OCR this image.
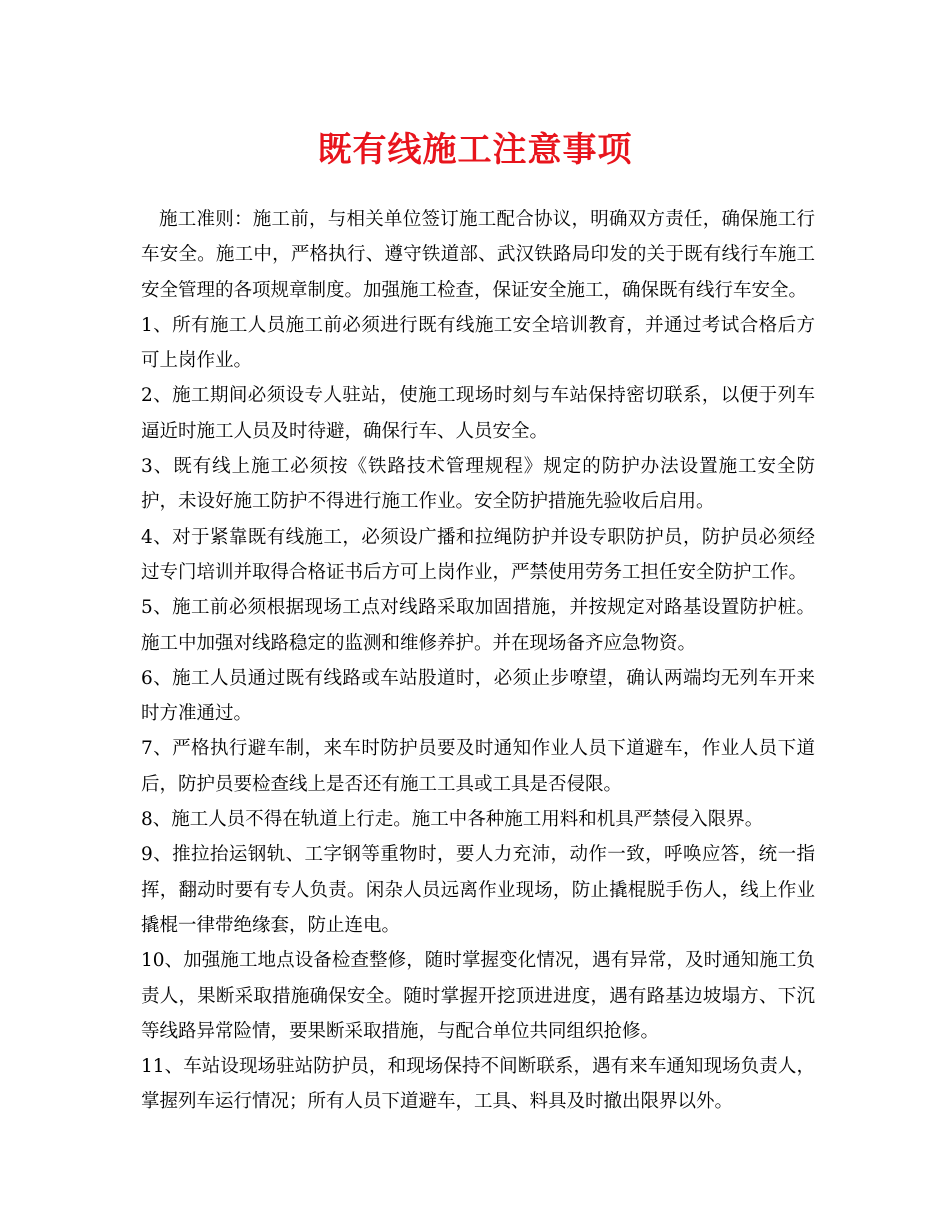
既有线施工注意事项

施工准则：施工前，与相关单位签订施工配合协议，明确双方责任，确保施工行车安全。施工中，严格执行、遵守铁道部、武汉铁路局印发的关于既有线行车施工安全管理的各项规章制度。加强施工检查，保证安全施工，确保既有线行车安全。

1、所有施工人员施工前必须进行既有线施工安全培训教育，并通过考试合格后方可上岗作业。

2、施工期间必须设专人驻站，使施工现场时刻与车站保持密切联系，以便于列车逼近时施工人员及时待避，确保行车、人员安全。

3、既有线上施工必须按《铁路技术管理规程》规定的防护办法设置施工安全防护，未设好施工防护不得进行施工作业。安全防护措施先验收后启用。

4、对于紧靠既有线施工，必须设广播和拉绳防护并设专职防护员，防护员必须经过专门培训并取得合格证书后方可上岗作业，严禁使用劳务工担任安全防护工作。

5、施工前必须根据现场工点对线路采取加固措施，并按规定对路基设置防护桩。施工中加强对线路稳定的监测和维修养护。并在现场备齐应急物资。

6、施工人员通过既有线路或车站股道时，必须止步嘹望，确认两端均无列车开来时方准通过。

7、严格执行避车制，来车时防护员要及时通知作业人员下道避车，作业人员下道后，防护员要检查线上是否还有施工工具或工具是否侵限。

8、施工人员不得在轨道上行走。施工中各种施工用料和机具严禁侵入限界。

9、推拉抬运钢轨、工字钢等重物时，要人力充沛，动作一致，呼唤应答，统一指挥，翻动时要有专人负责。闲杂人员远离作业现场，防止撬棍脱手伤人，线上作业撬棍一律带绝缘套，防止连电。

10、加强施工地点设备检查整修，随时掌握变化情况，遇有异常，及时通知施工负责人，果断采取措施确保安全。随时掌握开挖顶进进度，遇有路基边坡塌方、下沉等线路异常险情，要果断采取措施，与配合单位共同组织抢修。

11、车站设现场驻站防护员，和现场保持不间断联系，遇有来车通知现场负责人，掌握列车运行情况；所有人员下道避车，工具、料具及时撤出限界以外。
